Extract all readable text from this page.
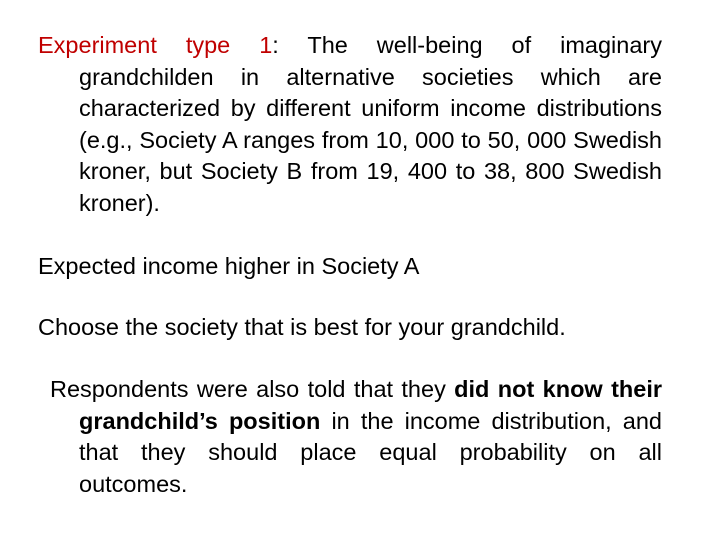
Experiment type 1: The well-being of imaginary grandchilden in alternative societies which are characterized by different uniform income distributions (e.g., Society A ranges from 10, 000 to 50, 000 Swedish kroner, but Society B from 19, 400 to 38, 800 Swedish kroner).

Expected income higher in Society A

Choose the society that is best for your grandchild.

Respondents were also told that they did not know their grandchild’s position in the income distribution, and that they should place equal probability on all outcomes.
